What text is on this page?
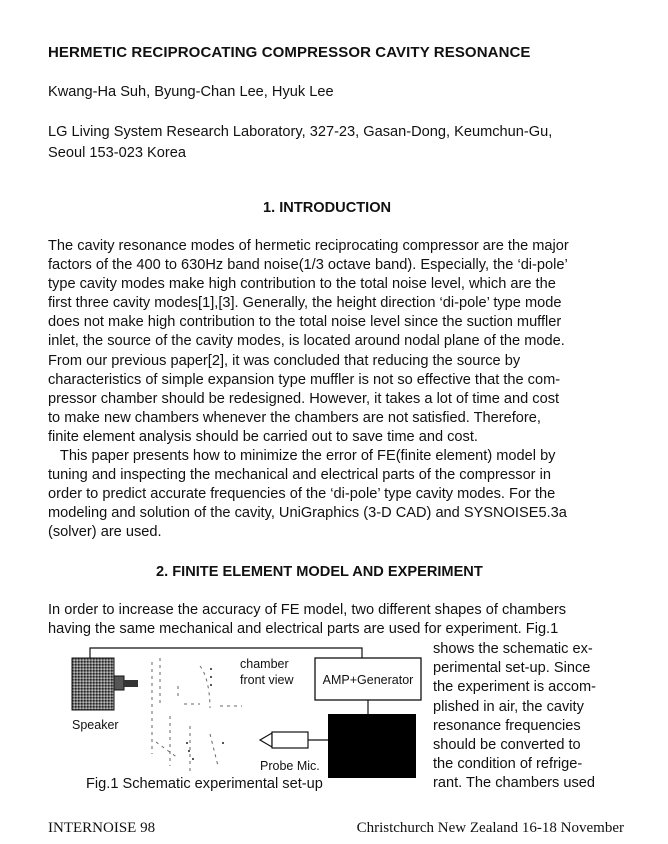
HERMETIC RECIPROCATING COMPRESSOR CAVITY RESONANCE
Kwang-Ha Suh, Byung-Chan Lee, Hyuk Lee
LG Living System Research Laboratory, 327-23, Gasan-Dong, Keumchun-Gu,
Seoul 153-023 Korea
1. INTRODUCTION
The cavity resonance modes of hermetic reciprocating compressor are the major
factors of the 400 to 630Hz band noise(1/3 octave band). Especially, the ‘di-pole’
type cavity modes make high contribution to the total noise level, which are the
first three cavity modes[1],[3]. Generally, the height direction ‘di-pole’ type mode
does not make high contribution to the total noise level since the suction muffler
inlet, the source of the cavity modes, is located around nodal plane of the mode.
From our previous paper[2], it was concluded that reducing the source by
characteristics of simple expansion type muffler is not so effective that the com-
pressor chamber should be redesigned. However, it takes a lot of time and cost
to make new chambers whenever the chambers are not satisfied. Therefore,
finite element analysis should be carried out to save time and cost.
This paper presents how to minimize the error of FE(finite element) model by
tuning and inspecting the mechanical and electrical parts of the compressor in
order to predict accurate frequencies of the ‘di-pole’ type cavity modes. For the
modeling and solution of the cavity, UniGraphics (3-D CAD) and SYSNOISE5.3a
(solver) are used.
2. FINITE ELEMENT MODEL AND EXPERIMENT
In order to increase the accuracy of FE model, two different shapes of chambers
having the same mechanical and electrical parts are used for experiment. Fig.1
shows the schematic ex-
perimental set-up. Since
the experiment is accom-
plished in air, the cavity
resonance frequencies
should be converted to
the condition of refrige-
rant. The chambers used
Speaker
chamber
front view AMP+Generator
Probe Mic.
Fig.1 Schematic experimental set-up
INTERNOISE 98	Christchurch New Zealand 16-18 November
